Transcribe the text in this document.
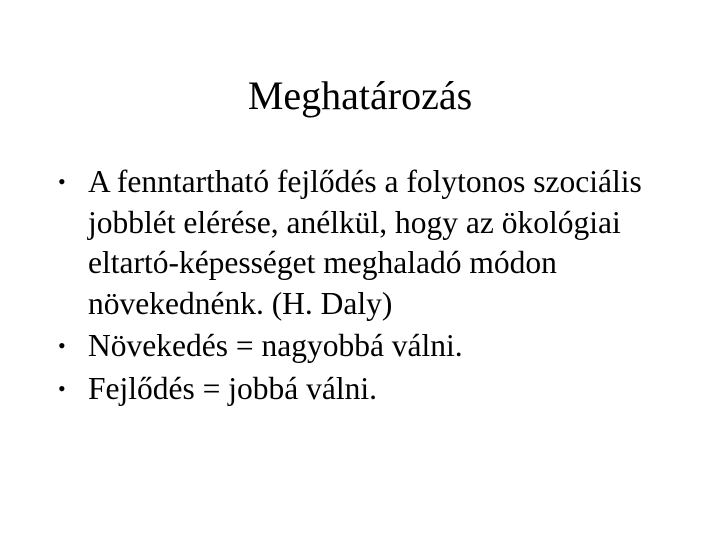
Meghatározás
• A fenntartható fejlődés a folytonos szociális
jobblét elérése, anélkül, hogy az ökológiai
eltartó-képességet meghaladó módon
növekednénk. (H. Daly)
• Növekedés = nagyobbá válni.
• Fejlődés = jobbá válni.
